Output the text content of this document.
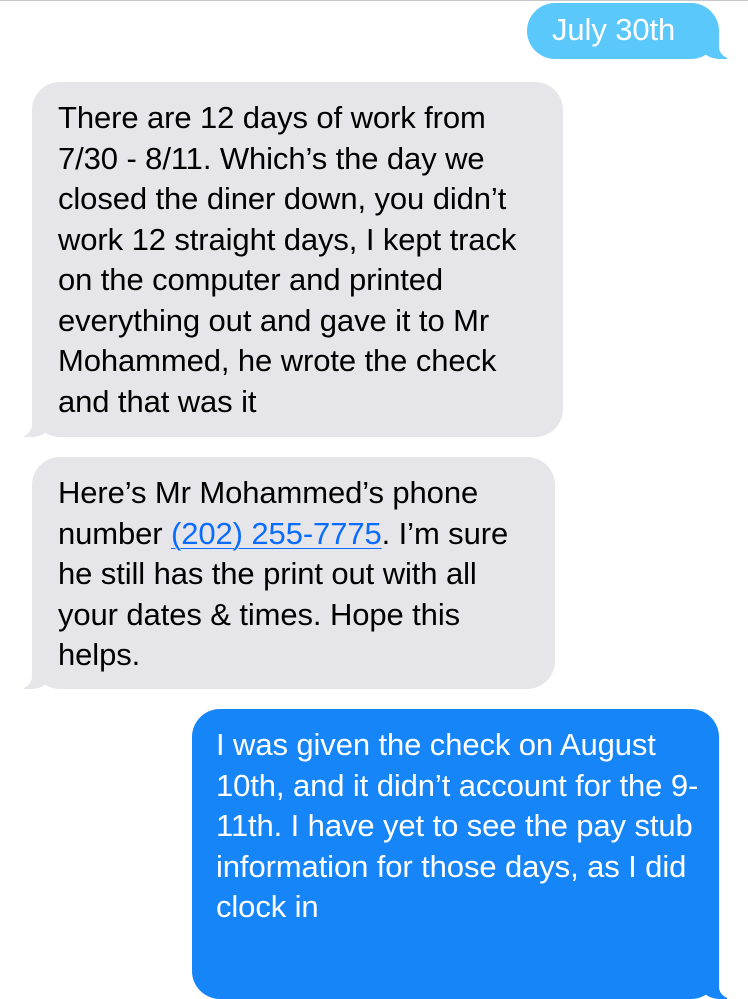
July 30th
There are 12 days of work from 7/30 - 8/11. Which’s the day we closed the diner down, you didn’t work 12 straight days, I kept track on the computer and printed everything out and gave it to Mr Mohammed, he wrote the check and that was it
Here’s Mr Mohammed’s phone number (202) 255-7775. I’m sure he still has the print out with all your dates & times. Hope this helps.
I was given the check on August 10th, and it didn’t account for the 9-11th. I have yet to see the pay stub information for those days, as I did clock in
